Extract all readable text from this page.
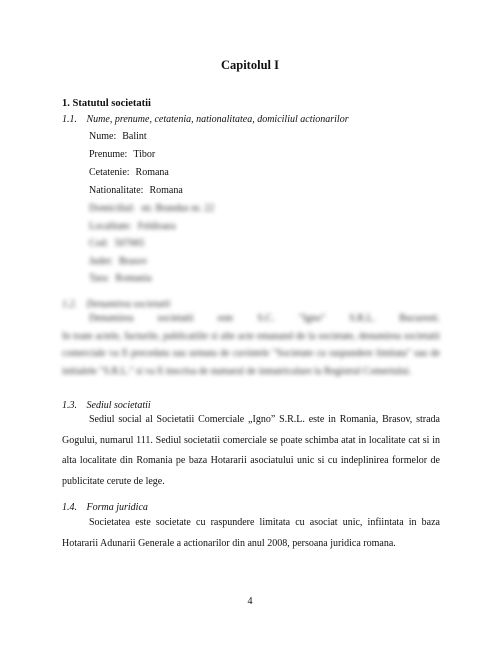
Capitolul I
1. Statutul societatii
1.1. Nume, prenume, cetatenia, nationalitatea, domiciliul actionarilor
Nume: Balint
Prenume: Tibor
Cetatenie: Romana
Nationalitate: Romana
Domiciliul: str. Brandus nr. 22
Localitate: Feldioara
Cod: 507065
Judet: Brasov
Tara: Romania
1.2. Denumirea societatii
Denumirea societatii este S.C. "Igno" S.R.L. Bucuresti.
In toate actele, facturile, publicatiile si alte acte emanand de la societate, denumirea societatii
comerciale va fi precedata sau urmata de cuvintele "Societate cu raspundere limitata" sau de
initialele "S.R.L." si va fi inscrisa de numarul de inmatriculare la Registrul Comertului.
1.3. Sediul societatii
Sediul social al Societatii Comerciale „Igno” S.R.L. este in Romania, Brasov, strada
Gogului, numarul 111. Sediul societatii comerciale se poate schimba atat in localitate cat si in
alta localitate din Romania pe baza Hotararii asociatului unic si cu indeplinirea formelor de
publicitate cerute de lege.
1.4. Forma juridica
Societatea este societate cu raspundere limitata cu asociat unic, infiintata in baza
Hotararii Adunarii Generale a actionarilor din anul 2008, persoana juridica romana.
4
